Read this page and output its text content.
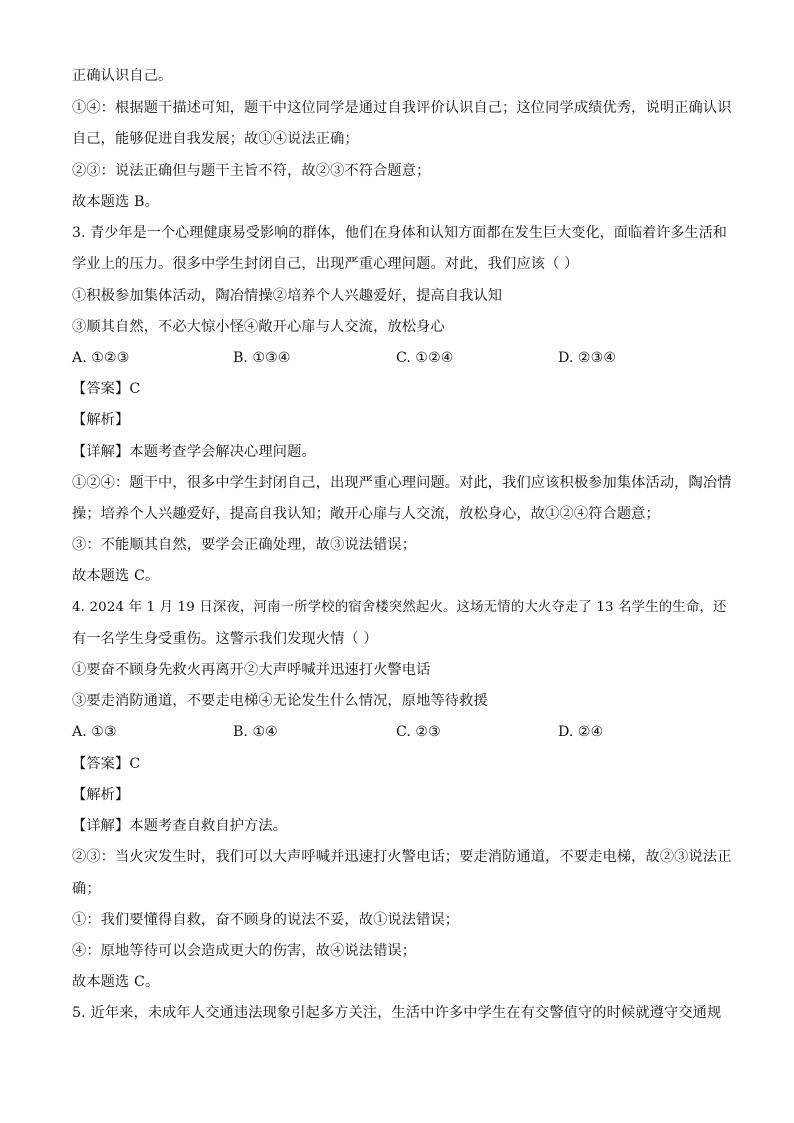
正确认识自己。
①④：根据题干描述可知，题干中这位同学是通过自我评价认识自己；这位同学成绩优秀，说明正确认识
自己，能够促进自我发展；故①④说法正确；
②③：说法正确但与题干主旨不符，故②③不符合题意；
故本题选 B。
3. 青少年是一个心理健康易受影响的群体，他们在身体和认知方面都在发生巨大变化，面临着许多生活和
学业上的压力。很多中学生封闭自己，出现严重心理问题。对此，我们应该（ ）
①积极参加集体活动，陶冶情操②培养个人兴趣爱好，提高自我认知
③顺其自然，不必大惊小怪④敞开心扉与人交流，放松身心
A. ①②③	B. ①③④	C. ①②④	D. ②③④
【答案】C
【解析】
【详解】本题考查学会解决心理问题。
①②④：题干中，很多中学生封闭自己，出现严重心理问题。对此，我们应该积极参加集体活动，陶冶情
操；培养个人兴趣爱好，提高自我认知；敞开心扉与人交流，放松身心，故①②④符合题意；
③：不能顺其自然，要学会正确处理，故③说法错误；
故本题选 C。
4. 2024 年 1 月 19 日深夜，河南一所学校的宿舍楼突然起火。这场无情的大火夺走了 13 名学生的生命，还
有一名学生身受重伤。这警示我们发现火情（ ）
①要奋不顾身先救火再离开②大声呼喊并迅速打火警电话
③要走消防通道，不要走电梯④无论发生什么情况，原地等待救援
A. ①③	B. ①④	C. ②③	D. ②④
【答案】C
【解析】
【详解】本题考查自救自护方法。
②③：当火灾发生时，我们可以大声呼喊并迅速打火警电话；要走消防通道，不要走电梯，故②③说法正
确；
①：我们要懂得自救，奋不顾身的说法不妥，故①说法错误；
④：原地等待可以会造成更大的伤害，故④说法错误；
故本题选 C。
5. 近年来，未成年人交通违法现象引起多方关注，生活中许多中学生在有交警值守的时候就遵守交通规
